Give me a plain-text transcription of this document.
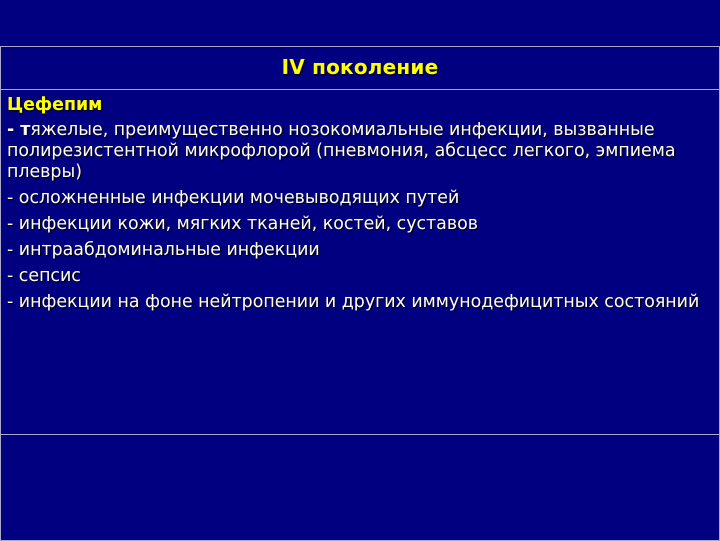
IV поколение
Цефепим
- тяжелые, преимущественно нозокомиальные инфекции, вызванные полирезистентной микрофлорой (пневмония, абсцесс легкого, эмпиема плевры)
- осложненные инфекции мочевыводящих путей
- инфекции кожи, мягких тканей, костей, суставов
- интраабдоминальные инфекции
- сепсис
- инфекции на фоне нейтропении и других иммунодефицитных состояний
